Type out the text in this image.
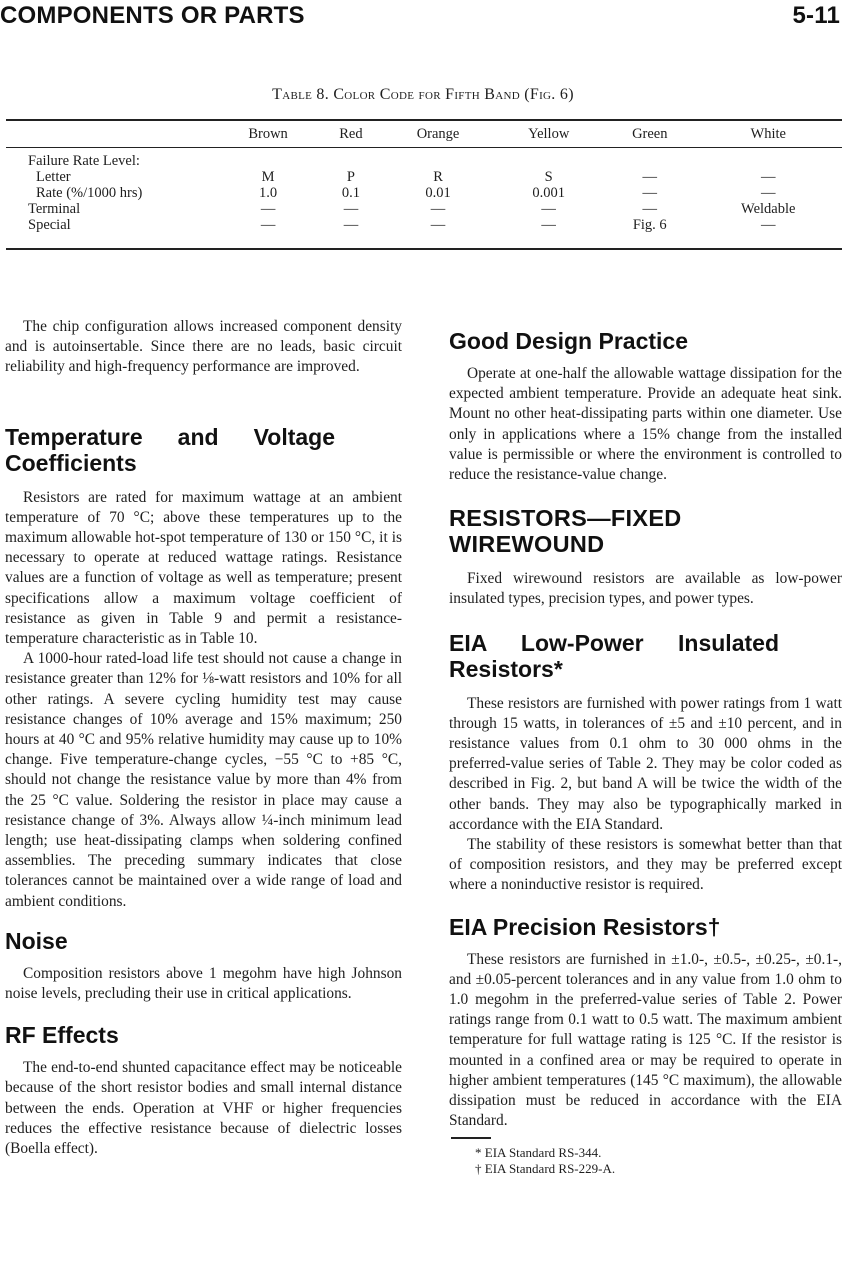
COMPONENTS OR PARTS	5-11
Table 8. Color Code for Fifth Band (Fig. 6)
	Brown	Red	Orange	Yellow	Green	White
Failure Rate Level:						
Letter	M	P	R	S	—	—
Rate (%/1000 hrs)	1.0	0.1	0.01	0.001	—	—
Terminal	—	—	—	—	—	Weldable
Special	—	—	—	—	Fig. 6	—

The chip configuration allows increased component density and is autoinsertable. Since there are no leads, basic circuit reliability and high-frequency performance are improved.

Temperature and Voltage Coefficients

Resistors are rated for maximum wattage at an ambient temperature of 70 °C; above these temperatures up to the maximum allowable hot-spot temperature of 130 or 150 °C, it is necessary to operate at reduced wattage ratings. Resistance values are a function of voltage as well as temperature; present specifications allow a maximum voltage coefficient of resistance as given in Table 9 and permit a resistance-temperature characteristic as in Table 10.

A 1000-hour rated-load life test should not cause a change in resistance greater than 12% for ⅛-watt resistors and 10% for all other ratings. A severe cycling humidity test may cause resistance changes of 10% average and 15% maximum; 250 hours at 40 °C and 95% relative humidity may cause up to 10% change. Five temperature-change cycles, −55 °C to +85 °C, should not change the resistance value by more than 4% from the 25 °C value. Soldering the resistor in place may cause a resistance change of 3%. Always allow ¼-inch minimum lead length; use heat-dissipating clamps when soldering confined assemblies. The preceding summary indicates that close tolerances cannot be maintained over a wide range of load and ambient conditions.

Noise

Composition resistors above 1 megohm have high Johnson noise levels, precluding their use in critical applications.

RF Effects

The end-to-end shunted capacitance effect may be noticeable because of the short resistor bodies and small internal distance between the ends. Operation at VHF or higher frequencies reduces the effective resistance because of dielectric losses (Boella effect).

Good Design Practice

Operate at one-half the allowable wattage dissipation for the expected ambient temperature. Provide an adequate heat sink. Mount no other heat-dissipating parts within one diameter. Use only in applications where a 15% change from the installed value is permissible or where the environment is controlled to reduce the resistance-value change.

RESISTORS—FIXED WIREWOUND

Fixed wirewound resistors are available as low-power insulated types, precision types, and power types.

EIA Low-Power Insulated Resistors*

These resistors are furnished with power ratings from 1 watt through 15 watts, in tolerances of ±5 and ±10 percent, and in resistance values from 0.1 ohm to 30 000 ohms in the preferred-value series of Table 2. They may be color coded as described in Fig. 2, but band A will be twice the width of the other bands. They may also be typographically marked in accordance with the EIA Standard.

The stability of these resistors is somewhat better than that of composition resistors, and they may be preferred except where a noninductive resistor is required.

EIA Precision Resistors†

These resistors are furnished in ±1.0-, ±0.5-, ±0.25-, ±0.1-, and ±0.05-percent tolerances and in any value from 1.0 ohm to 1.0 megohm in the preferred-value series of Table 2. Power ratings range from 0.1 watt to 0.5 watt. The maximum ambient temperature for full wattage rating is 125 °C. If the resistor is mounted in a confined area or may be required to operate in higher ambient temperatures (145 °C maximum), the allowable dissipation must be reduced in accordance with the EIA Standard.

* EIA Standard RS-344.

† EIA Standard RS-229-A.
